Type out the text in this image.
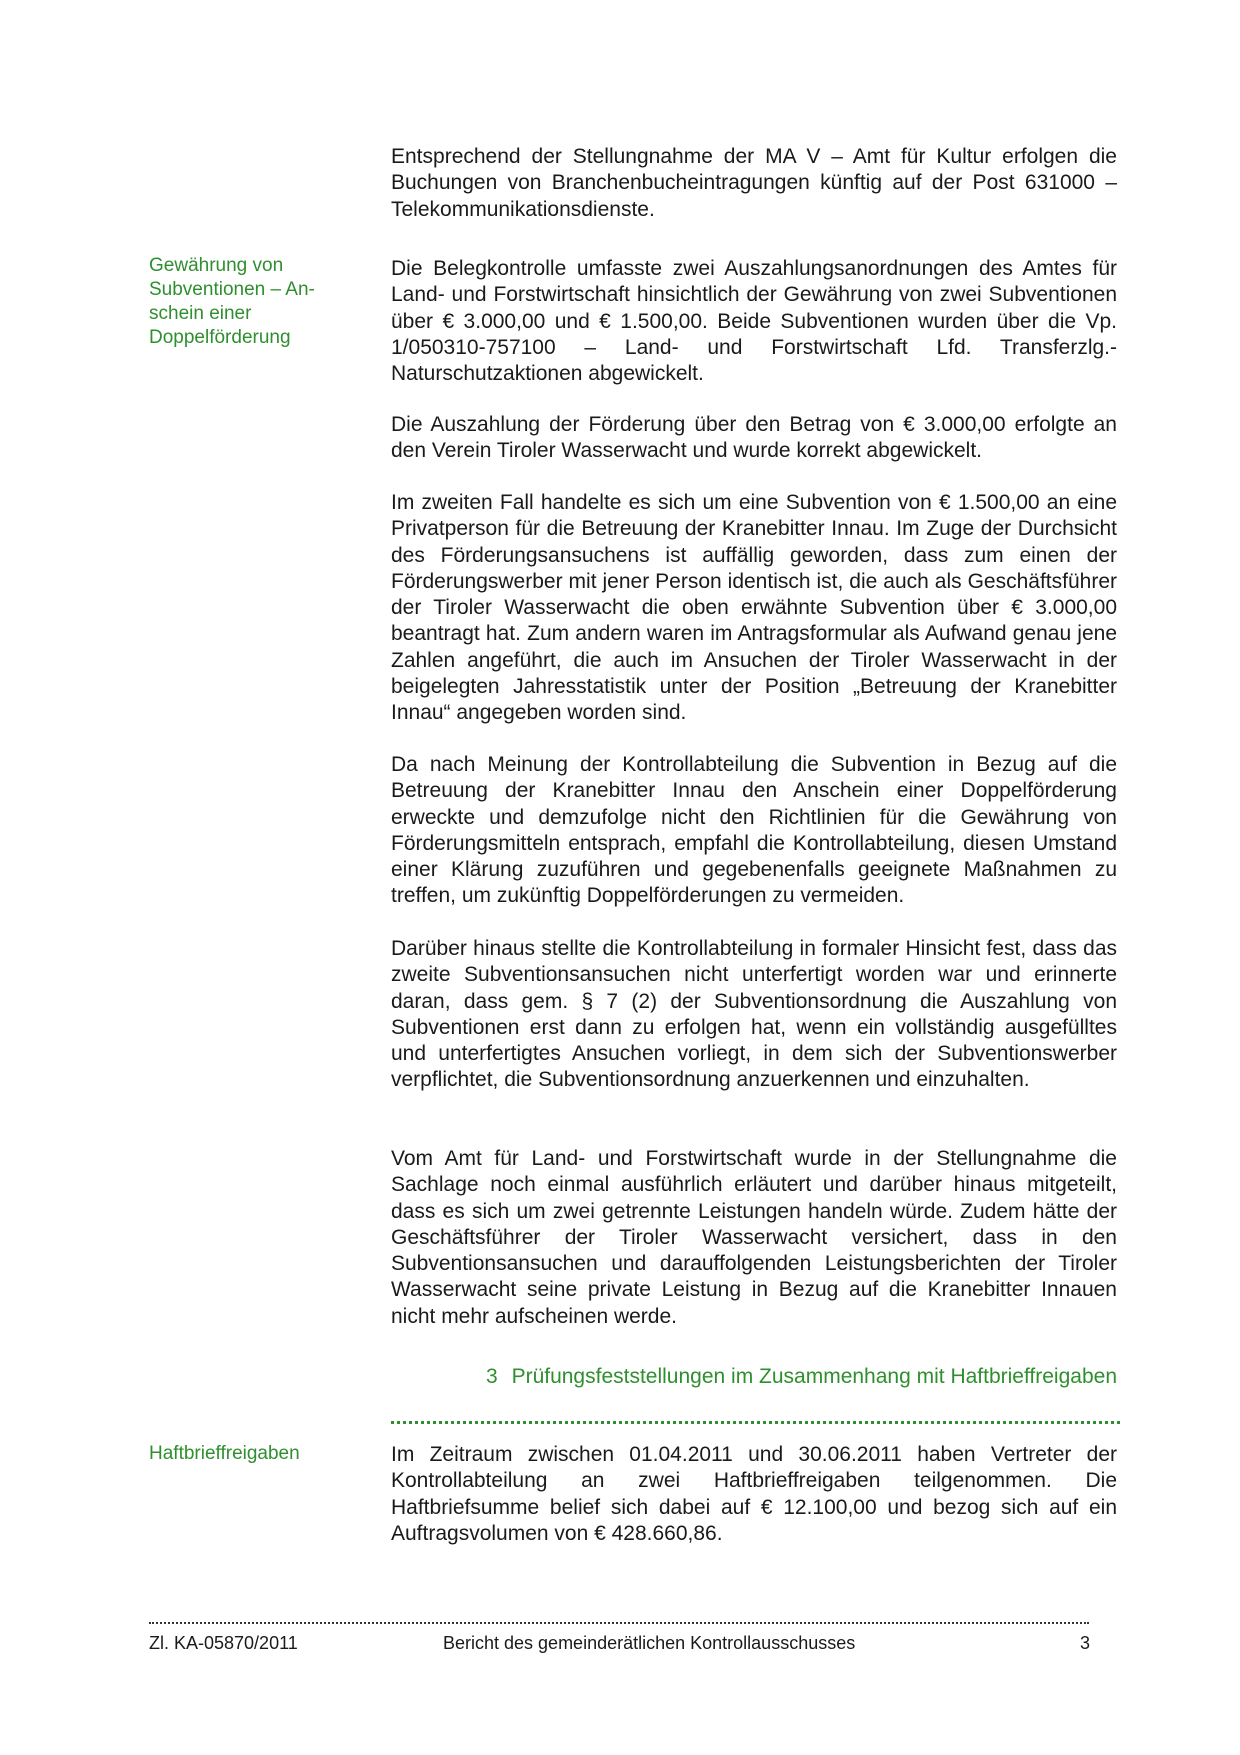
Entsprechend der Stellungnahme der MA V – Amt für Kultur erfolgen die Buchungen von Branchenbucheintragungen künftig auf der Post 631000 – Telekommunikationsdienste.

Gewährung von Subventionen – An-schein einer Doppelförderung

Die Belegkontrolle umfasste zwei Auszahlungsanordnungen des Amtes für Land- und Forstwirtschaft hinsichtlich der Gewährung von zwei Subventionen über € 3.000,00 und € 1.500,00. Beide Subventionen wurden über die Vp. 1/050310-757100 – Land- und Forstwirtschaft Lfd. Transferzlg.-Naturschutzaktionen abgewickelt.

Die Auszahlung der Förderung über den Betrag von € 3.000,00 erfolgte an den Verein Tiroler Wasserwacht und wurde korrekt abgewickelt.

Im zweiten Fall handelte es sich um eine Subvention von € 1.500,00 an eine Privatperson für die Betreuung der Kranebitter Innau. Im Zuge der Durchsicht des Förderungsansuchens ist auffällig geworden, dass zum einen der Förderungswerber mit jener Person identisch ist, die auch als Geschäftsführer der Tiroler Wasserwacht die oben erwähnte Subvention über € 3.000,00 beantragt hat. Zum andern waren im Antragsformular als Aufwand genau jene Zahlen angeführt, die auch im Ansuchen der Tiroler Wasserwacht in der beigelegten Jahresstatistik unter der Position „Betreuung der Kranebitter Innau“ angegeben worden sind.

Da nach Meinung der Kontrollabteilung die Subvention in Bezug auf die Betreuung der Kranebitter Innau den Anschein einer Doppelförderung erweckte und demzufolge nicht den Richtlinien für die Gewährung von Förderungsmitteln entsprach, empfahl die Kontrollabteilung, diesen Umstand einer Klärung zuzuführen und gegebenenfalls geeignete Maßnahmen zu treffen, um zukünftig Doppelförderungen zu vermeiden.

Darüber hinaus stellte die Kontrollabteilung in formaler Hinsicht fest, dass das zweite Subventionsansuchen nicht unterfertigt worden war und erinnerte daran, dass gem. § 7 (2) der Subventionsordnung die Auszahlung von Subventionen erst dann zu erfolgen hat, wenn ein vollständig ausgefülltes und unterfertigtes Ansuchen vorliegt, in dem sich der Subventionswerber verpflichtet, die Subventionsordnung anzuerkennen und einzuhalten.

Vom Amt für Land- und Forstwirtschaft wurde in der Stellungnahme die Sachlage noch einmal ausführlich erläutert und darüber hinaus mitgeteilt, dass es sich um zwei getrennte Leistungen handeln würde. Zudem hätte der Geschäftsführer der Tiroler Wasserwacht versichert, dass in den Subventionsansuchen und darauffolgenden Leistungsberichten der Tiroler Wasserwacht seine private Leistung in Bezug auf die Kranebitter Innauen nicht mehr aufscheinen werde.

3 Prüfungsfeststellungen im Zusammenhang mit Haftbrieffreigaben
Haftbrieffreigaben	Im Zeitraum zwischen 01.04.2011 und 30.06.2011 haben Vertreter der Kontrollabteilung an zwei Haftbrieffreigaben teilgenommen. Die Haftbriefsumme belief sich dabei auf € 12.100,00 und bezog sich auf ein Auftragsvolumen von € 428.660,86.

Zl. KA-05870/2011	Bericht des gemeinderätlichen Kontrollausschusses	3
